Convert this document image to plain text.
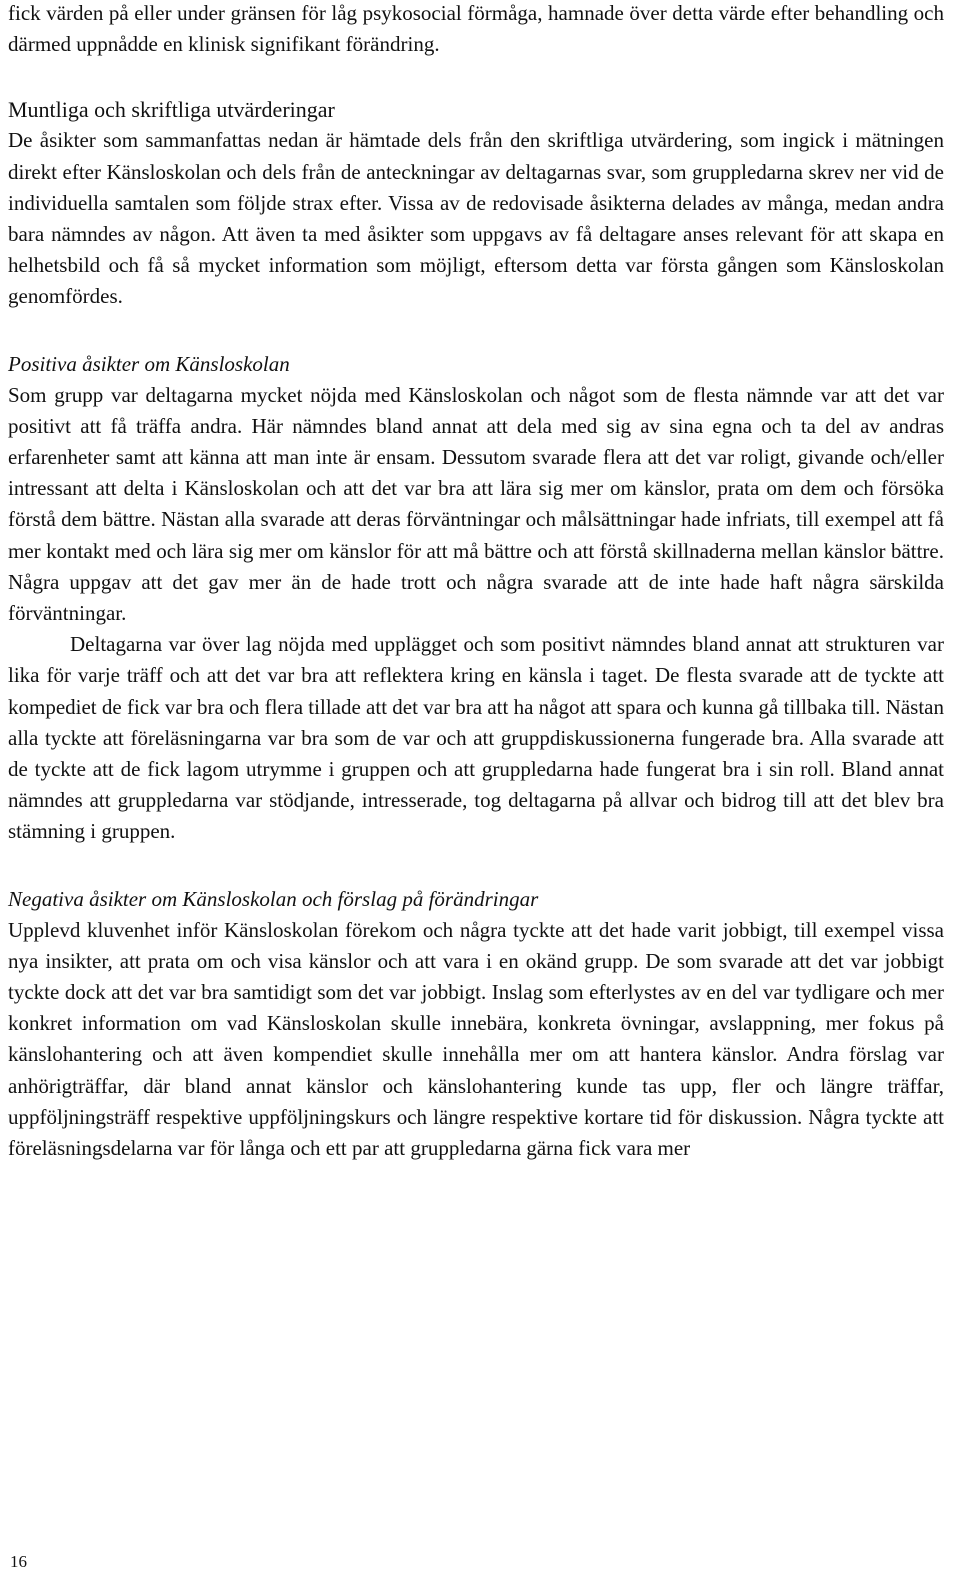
fick värden på eller under gränsen för låg psykosocial förmåga, hamnade över detta värde efter behandling och därmed uppnådde en klinisk signifikant förändring.

Muntliga och skriftliga utvärderingar

De åsikter som sammanfattas nedan är hämtade dels från den skriftliga utvärdering, som ingick i mätningen direkt efter Känsloskolan och dels från de anteckningar av deltagarnas svar, som gruppledarna skrev ner vid de individuella samtalen som följde strax efter. Vissa av de redovisade åsikterna delades av många, medan andra bara nämndes av någon. Att även ta med åsikter som uppgavs av få deltagare anses relevant för att skapa en helhetsbild och få så mycket information som möjligt, eftersom detta var första gången som Känsloskolan genomfördes.

Positiva åsikter om Känsloskolan

Som grupp var deltagarna mycket nöjda med Känsloskolan och något som de flesta nämnde var att det var positivt att få träffa andra. Här nämndes bland annat att dela med sig av sina egna och ta del av andras erfarenheter samt att känna att man inte är ensam. Dessutom svarade flera att det var roligt, givande och/eller intressant att delta i Känsloskolan och att det var bra att lära sig mer om känslor, prata om dem och försöka förstå dem bättre. Nästan alla svarade att deras förväntningar och målsättningar hade infriats, till exempel att få mer kontakt med och lära sig mer om känslor för att må bättre och att förstå skillnaderna mellan känslor bättre. Några uppgav att det gav mer än de hade trott och några svarade att de inte hade haft några särskilda förväntningar.

Deltagarna var över lag nöjda med upplägget och som positivt nämndes bland annat att strukturen var lika för varje träff och att det var bra att reflektera kring en känsla i taget. De flesta svarade att de tyckte att kompediet de fick var bra och flera tillade att det var bra att ha något att spara och kunna gå tillbaka till. Nästan alla tyckte att föreläsningarna var bra som de var och att gruppdiskussionerna fungerade bra. Alla svarade att de tyckte att de fick lagom utrymme i gruppen och att gruppledarna hade fungerat bra i sin roll. Bland annat nämndes att gruppledarna var stödjande, intresserade, tog deltagarna på allvar och bidrog till att det blev bra stämning i gruppen.

Negativa åsikter om Känsloskolan och förslag på förändringar

Upplevd kluvenhet inför Känsloskolan förekom och några tyckte att det hade varit jobbigt, till exempel vissa nya insikter, att prata om och visa känslor och att vara i en okänd grupp. De som svarade att det var jobbigt tyckte dock att det var bra samtidigt som det var jobbigt. Inslag som efterlystes av en del var tydligare och mer konkret information om vad Känsloskolan skulle innebära, konkreta övningar, avslappning, mer fokus på känslohantering och att även kompendiet skulle innehålla mer om att hantera känslor. Andra förslag var anhörigträffar, där bland annat känslor och känslohantering kunde tas upp, fler och längre träffar, uppföljningsträff respektive uppföljningskurs och längre respektive kortare tid för diskussion. Några tyckte att föreläsningsdelarna var för långa och ett par att gruppledarna gärna fick vara mer

16
